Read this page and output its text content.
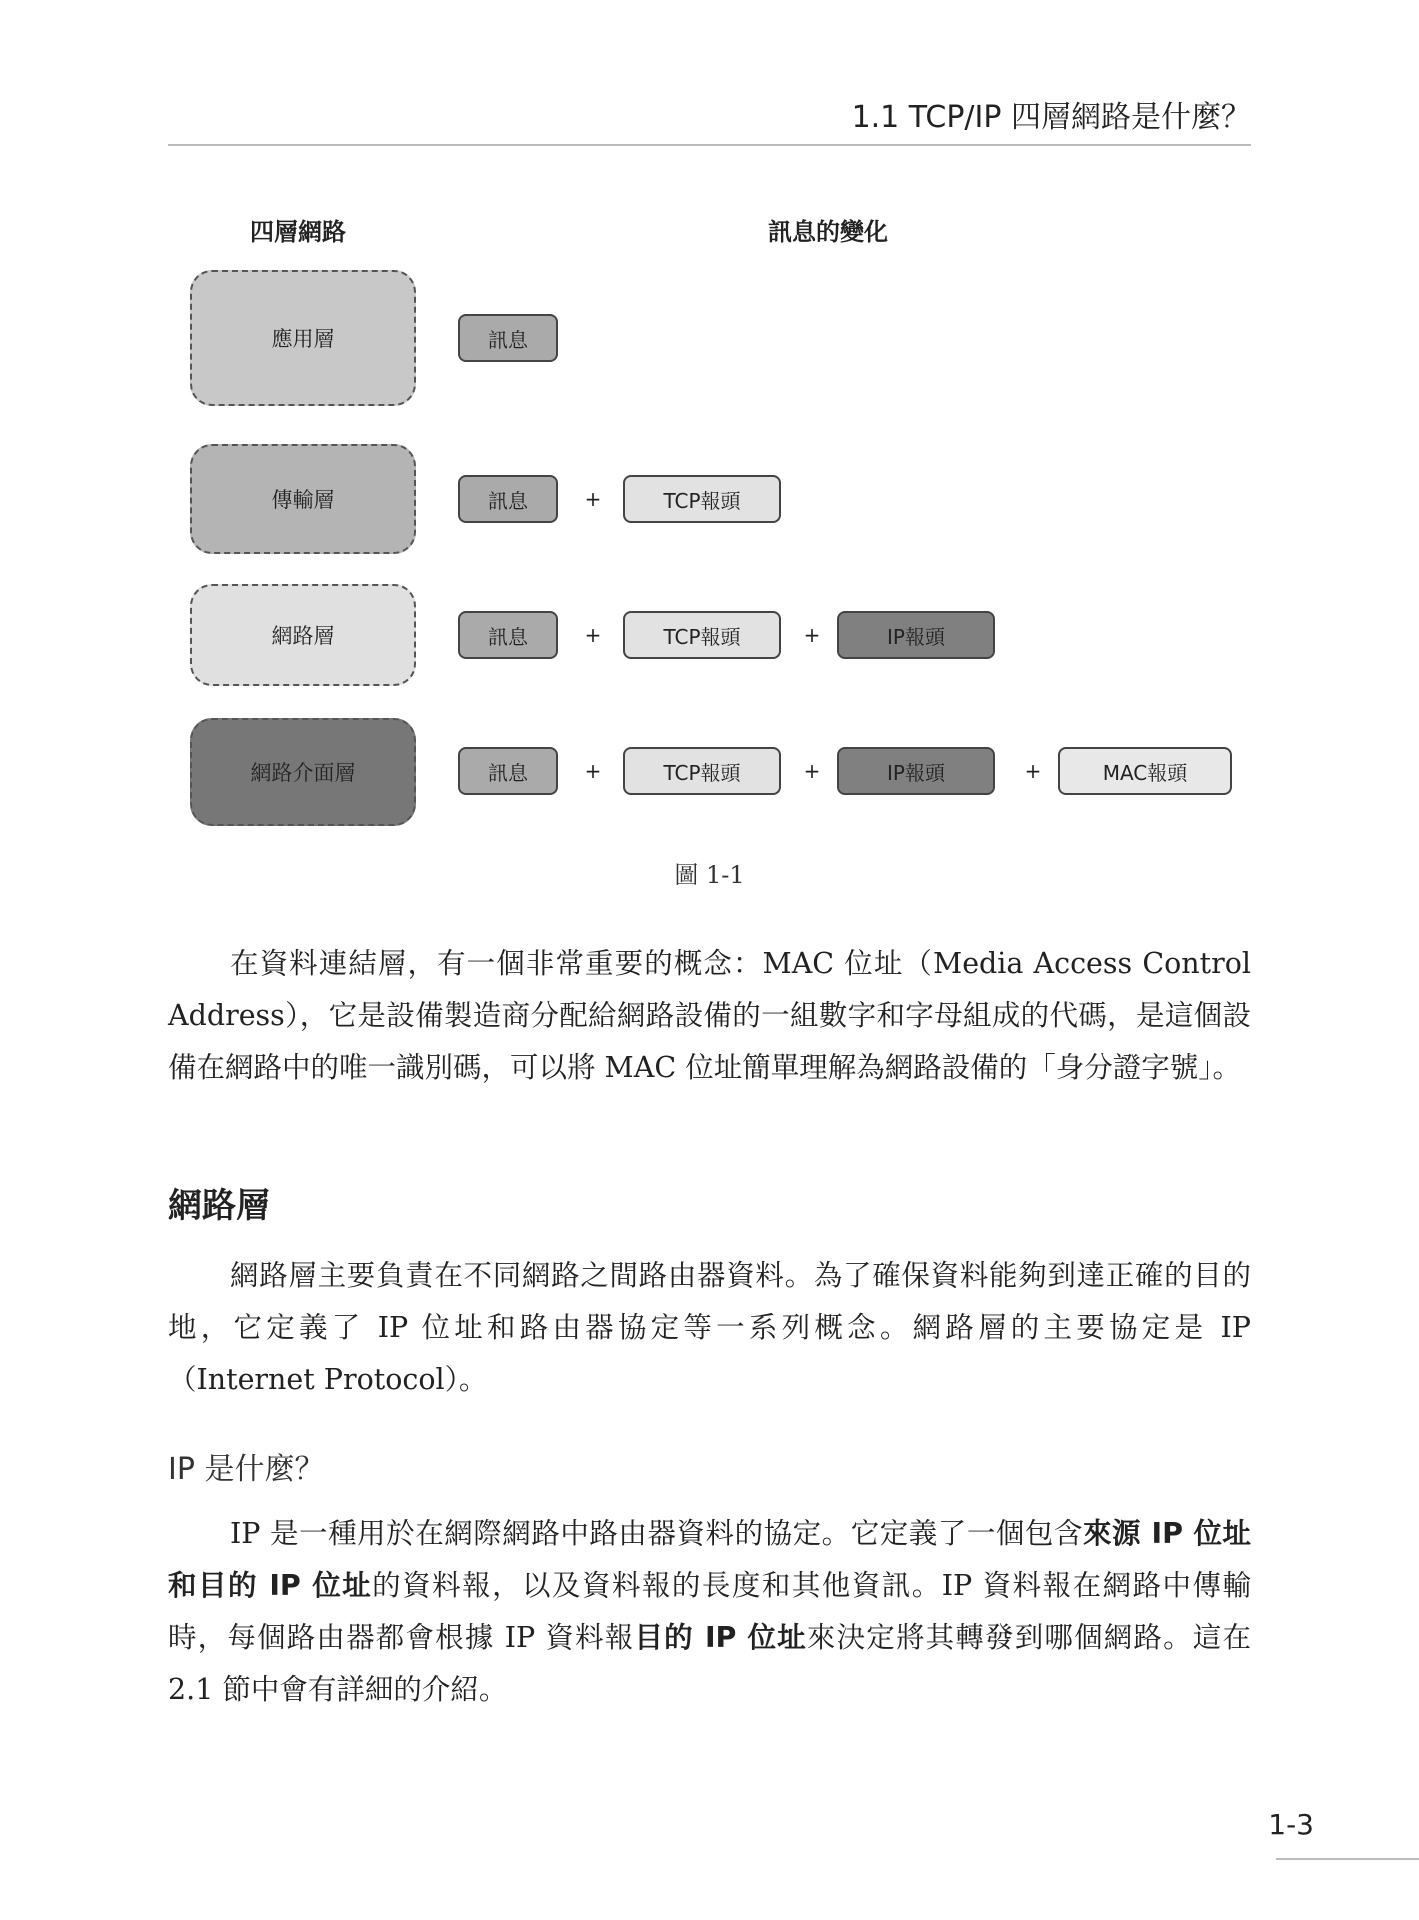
1.1 TCP/IP 四層網路是什麼？
四層網路	訊息的變化
應用層	訊息
傳輸層	訊息	+	TCP報頭
網路層	訊息	+	TCP報頭	+	IP報頭
網路介面層	訊息	+	TCP報頭	+	IP報頭	+	MAC報頭
圖 1-1

在資料連結層，有一個非常重要的概念：MAC 位址（Media Access Control Address），它是設備製造商分配給網路設備的一組數字和字母組成的代碼，是這個設備在網路中的唯一識別碼，可以將 MAC 位址簡單理解為網路設備的「身分證字號」。

網路層

網路層主要負責在不同網路之間路由器資料。為了確保資料能夠到達正確的目的地，它定義了 IP 位址和路由器協定等一系列概念。網路層的主要協定是 IP（Internet Protocol）。

IP 是什麼？

IP 是一種用於在網際網路中路由器資料的協定。它定義了一個包含來源 IP 位址和目的 IP 位址的資料報，以及資料報的長度和其他資訊。IP 資料報在網路中傳輸時，每個路由器都會根據 IP 資料報目的 IP 位址來決定將其轉發到哪個網路。這在 2.1 節中會有詳細的介紹。

1-3
